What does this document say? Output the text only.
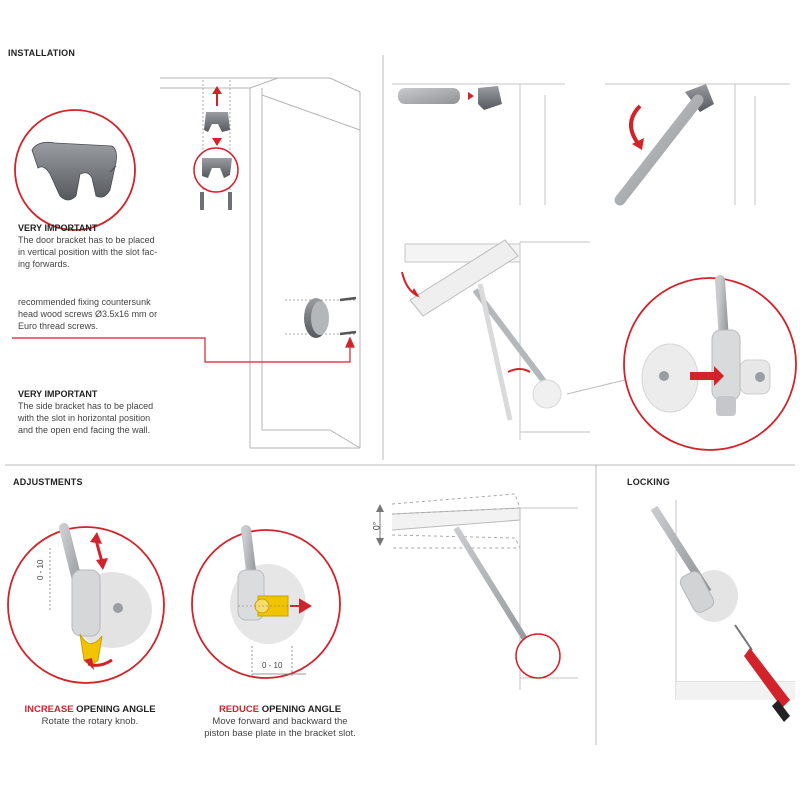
INSTALLATION
ADJUSTMENTS	LOCKING
VERY IMPORTANT
The door bracket has to be placed
in vertical position with the slot fac-
ing forwards.
recommended fixing countersunk
head wood screws Ø3.5x16 mm or
Euro thread screws.
VERY IMPORTANT
The side bracket has to be placed
with the slot in horizontal position
and the open end facing the wall.
0 - 10
0 - 10
0°
INCREASE OPENING ANGLE
Rotate the rotary knob.
REDUCE OPENING ANGLE
Move forward and backward the
piston base plate in the bracket slot.
